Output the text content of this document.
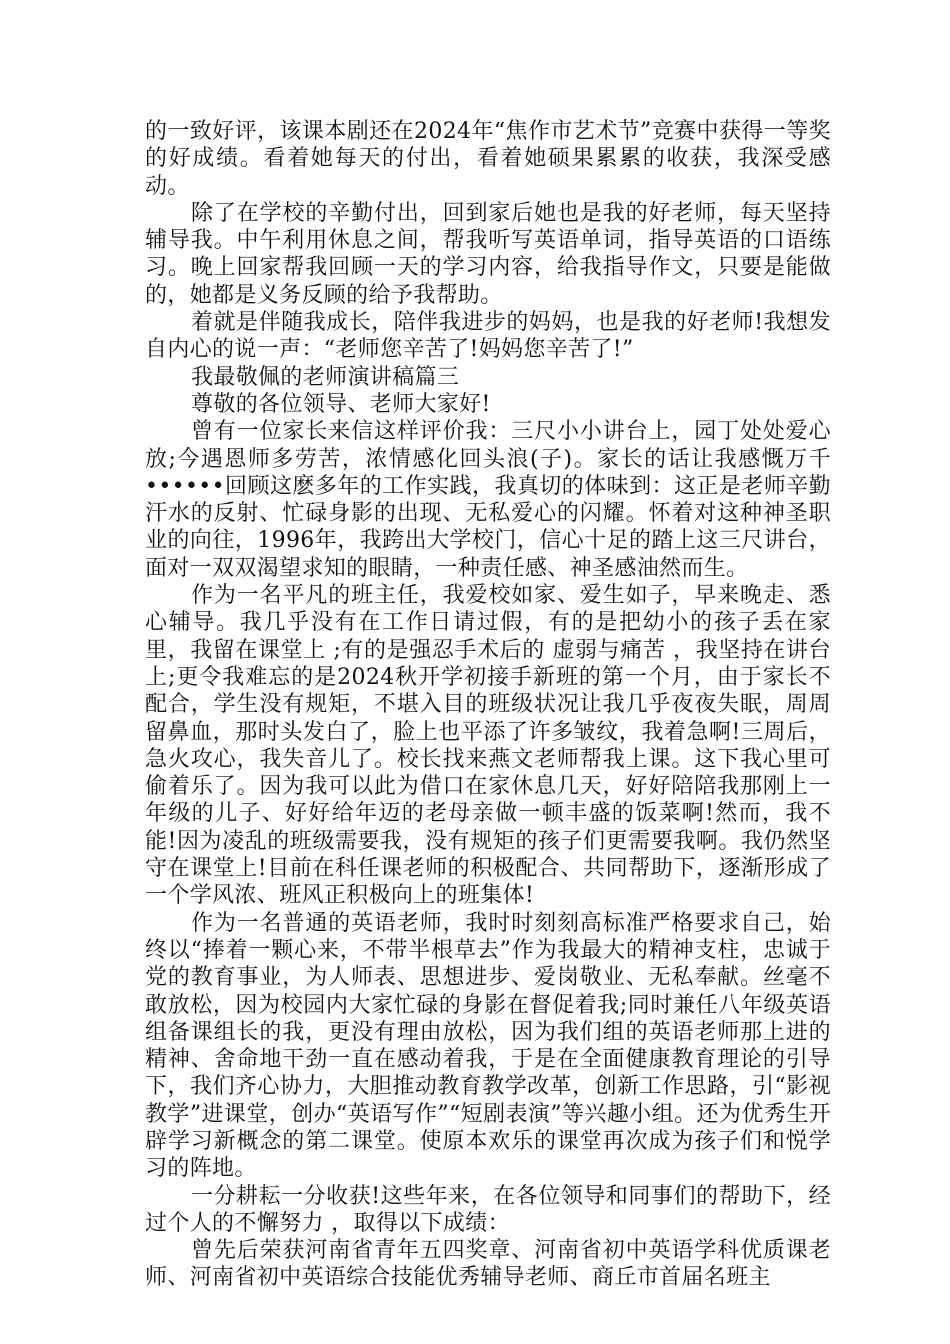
的一致好评，该课本剧还在2024年“焦作市艺术节”竞赛中获得一等奖的好成绩。看着她每天的付出，看着她硕果累累的收获，我深受感动。

除了在学校的辛勤付出，回到家后她也是我的好老师，每天坚持辅导我。中午利用休息之间，帮我听写英语单词，指导英语的口语练习。晚上回家帮我回顾一天的学习内容，给我指导作文，只要是能做的，她都是义务反顾的给予我帮助。

着就是伴随我成长，陪伴我进步的妈妈，也是我的好老师!我想发自内心的说一声：“老师您辛苦了!妈妈您辛苦了!”

我最敬佩的老师演讲稿篇三

尊敬的各位领导、老师大家好!

曾有一位家长来信这样评价我：三尺小小讲台上，园丁处处爱心放;今遇恩师多劳苦，浓情感化回头浪(子)。家长的话让我感慨万千••••••回顾这麽多年的工作实践，我真切的体味到：这正是老师辛勤汗水的反射、忙碌身影的出现、无私爱心的闪耀。怀着对这种神圣职业的向往，1996年，我跨出大学校门，信心十足的踏上这三尺讲台，面对一双双渴望求知的眼睛，一种责任感、神圣感油然而生。

作为一名平凡的班主任，我爱校如家、爱生如子，早来晚走、悉心辅导。我几乎没有在工作日请过假，有的是把幼小的孩子丢在家里，我留在课堂上 ;有的是强忍手术后的 虚弱与痛苦 ，我坚持在讲台上;更令我难忘的是2024秋开学初接手新班的第一个月，由于家长不配合，学生没有规矩，不堪入目的班级状况让我几乎夜夜失眠，周周留鼻血，那时头发白了，脸上也平添了许多皱纹，我着急啊!三周后，急火攻心，我失音儿了。校长找来燕文老师帮我上课。这下我心里可偷着乐了。因为我可以此为借口在家休息几天，好好陪陪我那刚上一年级的儿子、好好给年迈的老母亲做一顿丰盛的饭菜啊!然而，我不能!因为凌乱的班级需要我，没有规矩的孩子们更需要我啊。我仍然坚守在课堂上!目前在科任课老师的积极配合、共同帮助下，逐渐形成了一个学风浓、班风正积极向上的班集体!

作为一名普通的英语老师，我时时刻刻高标准严格要求自己，始终以“捧着一颗心来，不带半根草去”作为我最大的精神支柱，忠诚于党的教育事业，为人师表、思想进步、爱岗敬业、无私奉献。丝毫不敢放松，因为校园内大家忙碌的身影在督促着我;同时兼任八年级英语组备课组长的我，更没有理由放松，因为我们组的英语老师那上进的精神、舍命地干劲一直在感动着我，于是在全面健康教育理论的引导下，我们齐心协力，大胆推动教育教学改革，创新工作思路，引“影视教学”进课堂，创办“英语写作”“短剧表演”等兴趣小组。还为优秀生开辟学习新概念的第二课堂。使原本欢乐的课堂再次成为孩子们和悦学习的阵地。

一分耕耘一分收获!这些年来，在各位领导和同事们的帮助下，经过个人的不懈努力 ，取得以下成绩：

曾先后荣获河南省青年五四奖章、河南省初中英语学科优质课老师、河南省初中英语综合技能优秀辅导老师、商丘市首届名班主
